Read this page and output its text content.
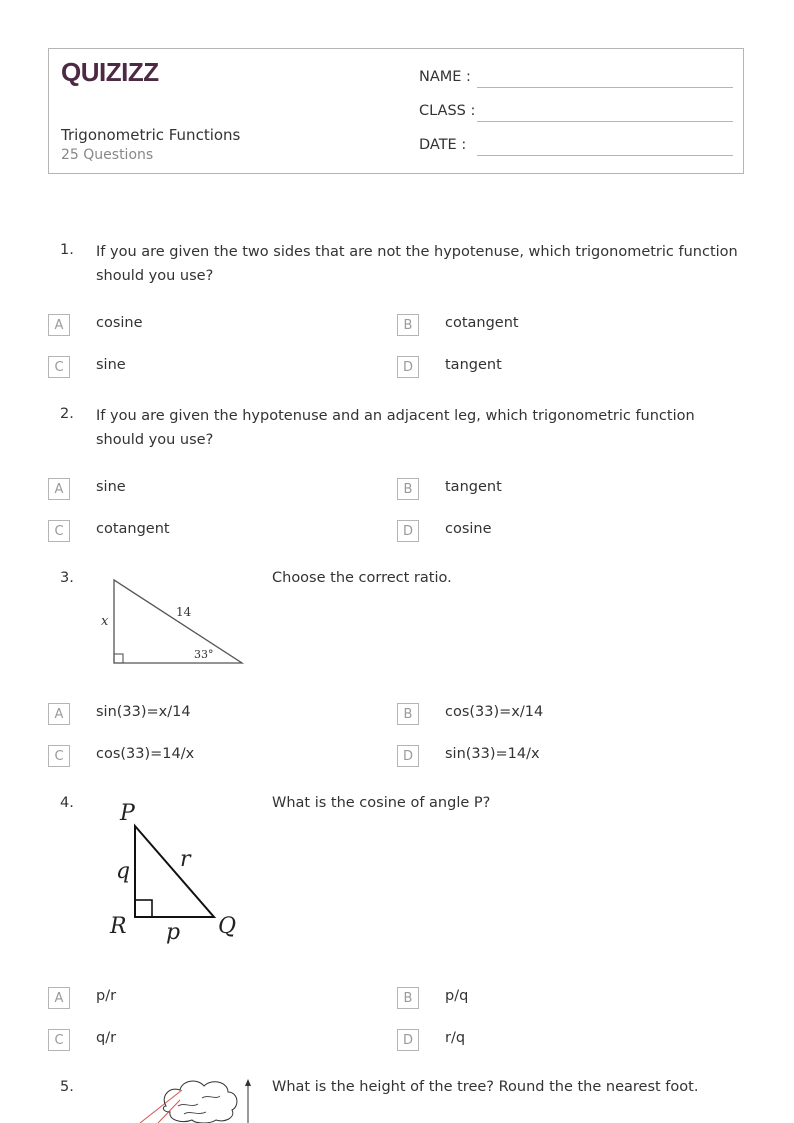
QUIZIZZ
Trigonometric Functions
25 Questions
NAME :
CLASS :
DATE :
1. If you are given the two sides that are not the hypotenuse, which trigonometric function should you use?
A	cosine	B	cotangent
C	sine	D	tangent
2. If you are given the hypotenuse and an adjacent leg, which trigonometric function should you use?
A	sine	B	tangent
C	cotangent	D	cosine
3.
x
14
33°
Choose the correct ratio.
A	sin(33)=x/14	B	cos(33)=x/14
C	cos(33)=14/x	D	sin(33)=14/x
4. P
R	Q
q r
p
What is the cosine of angle P?
A	p/r	B	p/q
C	q/r	D	r/q
5.	What is the height of the tree? Round the the nearest foot.
